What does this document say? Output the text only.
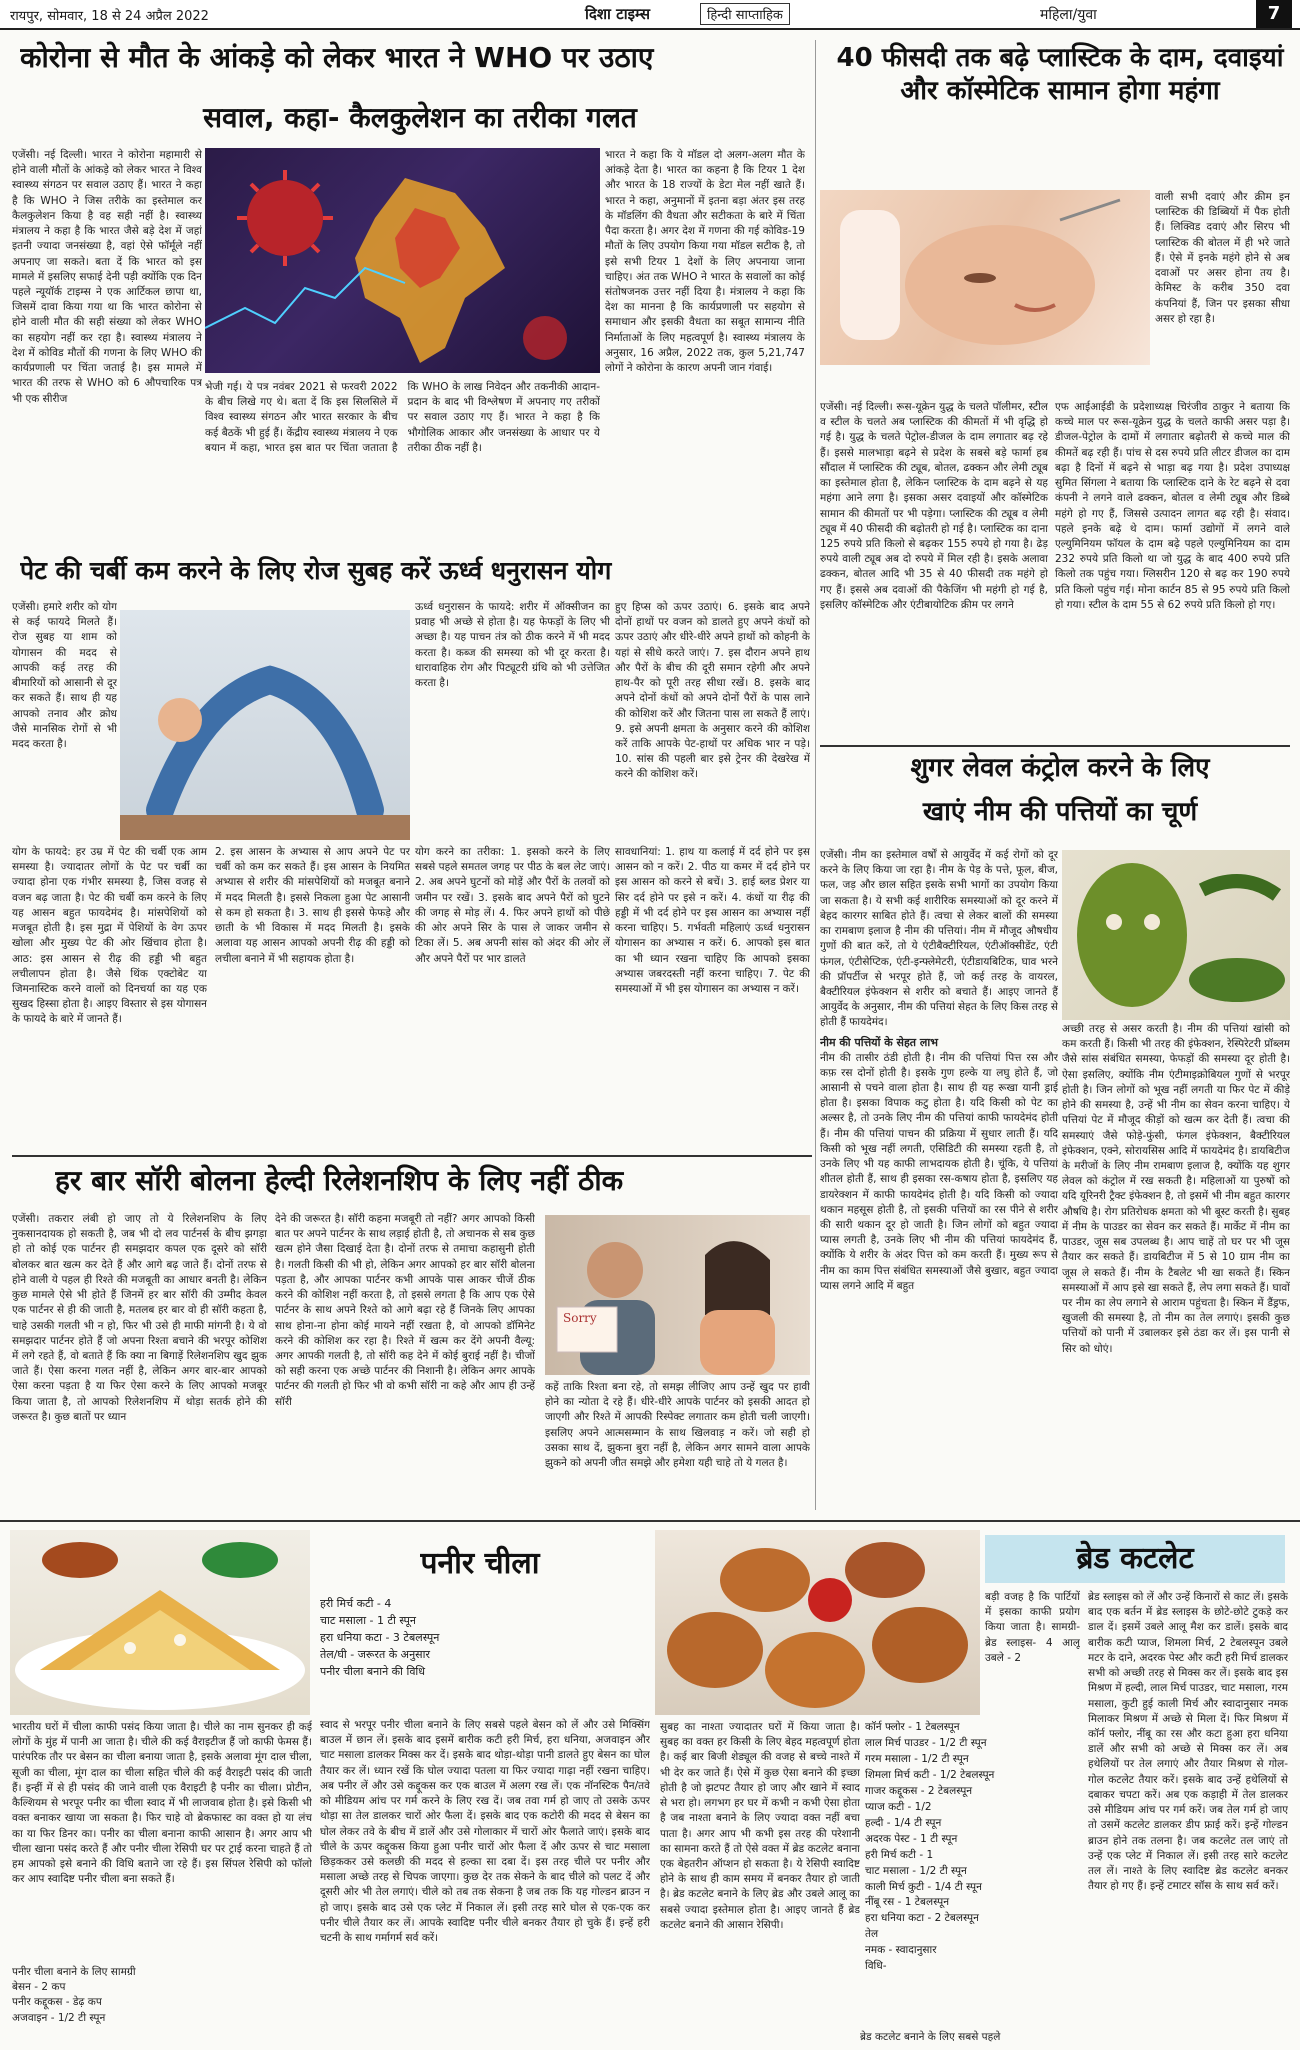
रायपुर, सोमवार, 18 से 24 अप्रैल 2022	दिशा टाइम्स	हिन्दी साप्ताहिक	महिला/युवा	7
कोरोना से मौत के आंकड़े को लेकर भारत ने WHO पर उठाए
सवाल, कहा- कैलकुलेशन का तरीका गलत
एजेंसी। नई दिल्ली। भारत ने कोरोना महामारी से होने वाली मौतों के आंकड़े को लेकर भारत ने विश्व स्वास्थ्य संगठन पर सवाल उठाए हैं। भारत ने कहा है कि WHO ने जिस तरीके का इस्तेमाल कर कैलकुलेशन किया है वह सही नहीं है। स्वास्थ्य मंत्रालय ने कहा है कि भारत जैसे बड़े देश में जहां इतनी ज्यादा जनसंख्या है, वहां ऐसे फॉर्मूले नहीं अपनाए जा सकते। बता दें कि भारत को इस मामले में इसलिए सफाई देनी पड़ी क्योंकि एक दिन पहले न्यूयॉर्क टाइम्स ने एक आर्टिकल छापा था, जिसमें दावा किया गया था कि भारत कोरोना से होने वाली मौत की सही संख्या को लेकर WHO का सहयोग नहीं कर रहा है। स्वास्थ्य मंत्रालय ने देश में कोविड मौतों की गणना के लिए WHO की कार्यप्रणाली पर चिंता जताई है। इस मामले में भारत की तरफ से WHO को 6 औपचारिक पत्र भी एक सीरीज
भारत ने कहा कि ये मॉडल दो अलग-अलग मौत के आंकड़े देता है। भारत का कहना है कि टियर 1 देश और भारत के 18 राज्यों के डेटा मेल नहीं खाते हैं। भारत ने कहा, अनुमानों में इतना बड़ा अंतर इस तरह के मॉडलिंग की वैधता और सटीकता के बारे में चिंता पैदा करता है। अगर देश में गणना की गई कोविड-19 मौतों के लिए उपयोग किया गया मॉडल सटीक है, तो इसे सभी टियर 1 देशों के लिए अपनाया जाना चाहिए। अंत तक WHO ने भारत के सवालों का कोई संतोषजनक उत्तर नहीं दिया है। मंत्रालय ने कहा कि देश का मानना है कि कार्यप्रणाली पर सहयोग से समाधान और इसकी वैधता का सबूत सामान्य नीति निर्माताओं के लिए महत्वपूर्ण है। स्वास्थ्य मंत्रालय के अनुसार, 16 अप्रैल, 2022 तक, कुल 5,21,747 लोगों ने कोरोना के कारण अपनी जान गंवाई।
भेजी गई। ये पत्र नवंबर 2021 से फरवरी 2022 के बीच लिखे गए थे। बता दें कि इस सिलसिले में विश्व स्वास्थ्य संगठन और भारत सरकार के बीच कई बैठकें भी हुई हैं। केंद्रीय स्वास्थ्य मंत्रालय ने एक बयान में कहा, भारत इस बात पर चिंता जताता है कि WHO के लाख निवेदन और तकनीकी आदान-प्रदान के बाद भी विश्लेषण में अपनाए गए तरीकों पर सवाल उठाए गए हैं। भारत ने कहा है कि भौगोलिक आकार और जनसंख्या के आधार पर ये तरीका ठीक नहीं है।
40 फीसदी तक बढ़े प्लास्टिक के दाम, दवाइयां और कॉस्मेटिक सामान होगा महंगा
वाली सभी दवाएं और क्रीम इन प्लास्टिक की डिब्बियों में पैक होती हैं। लिक्विड दवाएं और सिरप भी प्लास्टिक की बोतल में ही भरे जाते हैं। ऐसे में इनके महंगे होने से अब दवाओं पर असर होना तय है। केमिस्ट के करीब 350 दवा कंपनियां हैं, जिन पर इसका सीधा असर हो रहा है।
एजेंसी। नई दिल्ली। रूस-यूक्रेन युद्ध के चलते पॉलीमर, स्टील व स्टील के चलते अब प्लास्टिक की कीमतों में भी वृद्धि हो गई है। युद्ध के चलते पेट्रोल-डीजल के दाम लगातार बढ़ रहे हैं। इससे मालभाड़ा बढ़ने से प्रदेश के सबसे बड़े फार्मा हब सौंदाल में प्लास्टिक की ट्यूब, बोतल, ढक्कन और लेमी ट्यूब का इस्तेमाल होता है, लेकिन प्लास्टिक के दाम बढ़ने से यह महंगा आने लगा है। इसका असर दवाइयों और कॉस्मेटिक सामान की कीमतों पर भी पड़ेगा। प्लास्टिक की ट्यूब व लेमी ट्यूब में 40 फीसदी की बढ़ोतरी हो गई है। प्लास्टिक का दाना 125 रुपये प्रति किलो से बढ़कर 155 रुपये हो गया है। ढेड़ रुपये वाली ट्यूब अब दो रुपये में मिल रही है। इसके अलावा ढक्कन, बोतल आदि भी 35 से 40 फीसदी तक महंगे हो गए हैं। इससे अब दवाओं की पैकेजिंग भी महंगी हो गई है, इसलिए कॉस्मेटिक और एंटीबायोटिक क्रीम पर लगने
एफ आईआईडी के प्रदेशाध्यक्ष चिरंजीव ठाकुर ने बताया कि कच्चे माल पर रूस-यूक्रेन युद्ध के चलते काफी असर पड़ा है। डीजल-पेट्रोल के दामों में लगातार बढ़ोतरी से कच्चे माल की कीमतें बढ़ रही हैं। पांच से दस रुपये प्रति लीटर डीजल का दाम बढ़ा है दिनों में बढ़ने से भाड़ा बढ़ गया है। प्रदेश उपाध्यक्ष सुमित सिंगला ने बताया कि प्लास्टिक दाने के रेट बढ़ने से दवा कंपनी ने लगने वाले ढक्कन, बोतल व लेमी ट्यूब और डिब्बे महंगे हो गए हैं, जिससे उत्पादन लागत बढ़ रही है। संवाद। पहले इनके बढ़े थे दाम। फार्मा उद्योगों में लगने वाले एल्युमिनियम फॉयल के दाम बढ़े पहले एल्युमिनियम का दाम 232 रुपये प्रति किलो था जो युद्ध के बाद 400 रुपये प्रति किलो तक पहुंच गया। ग्लिसरीन 120 से बढ़ कर 190 रुपये प्रति किलो पहुंच गई। मोना कार्टन 85 से 95 रुपये प्रति किलो हो गया। स्टील के दाम 55 से 62 रुपये प्रति किलो हो गए।
पेट की चर्बी कम करने के लिए रोज सुबह करें ऊर्ध्व धनुरासन योग
एजेंसी। हमारे शरीर को योग से कई फायदे मिलते हैं। रोज सुबह या शाम को योगासन की मदद से आपकी कई तरह की बीमारियों को आसानी से दूर कर सकते हैं। साथ ही यह आपको तनाव और क्रोध जैसे मानसिक रोगों से भी मदद करता है।
ऊर्ध्व धनुरासन के फायदे: शरीर में ऑक्सीजन का प्रवाह भी अच्छे से होता है। यह फेफड़ों के लिए भी अच्छा है। यह पाचन तंत्र को ठीक करने में भी मदद करता है। कब्ज की समस्या को भी दूर करता है। धारावाहिक रोग और पिट्यूटरी ग्रंथि को भी उत्तेजित करता है।
हुए हिप्स को ऊपर उठाएं। 6. इसके बाद अपने दोनों हाथों पर वजन को डालते हुए अपने कंधों को ऊपर उठाएं और धीरे-धीरे अपने हाथों को कोहनी के यहां से सीधे करते जाएं। 7. इस दौरान अपने हाथ और पैरों के बीच की दूरी समान रहेगी और अपने हाथ-पैर को पूरी तरह सीधा रखें। 8. इसके बाद अपने दोनों कंधों को अपने दोनों पैरों के पास लाने की कोशिश करें और जितना पास ला सकते हैं लाएं। 9. इसे अपनी क्षमता के अनुसार करने की कोशिश करें ताकि आपके पेट-हाथों पर अधिक भार न पड़े। 10. सांस की पहली बार इसे ट्रेनर की देखरेख में करने की कोशिश करें।
योग के फायदे: हर उम्र में पेट की चर्बी एक आम समस्या है। ज्यादातर लोगों के पेट पर चर्बी का ज्यादा होना एक गंभीर समस्या है, जिस वजह से वजन बढ़ जाता है। पेट की चर्बी कम करने के लिए यह आसन बहुत फायदेमंद है। मांसपेशियों को मजबूत होती है। इस मुद्रा में पेशियों के वेग ऊपर खोला और मुख्य पेट की ओर खिंचाव होता है। आठ: इस आसन से रीढ़ की हड्डी भी बहुत लचीलापन होता है। जैसे थिंक एक्टोबेट या जिमनास्टिक करने वालों को दिनचर्या का यह एक सुखद हिस्सा होता है। आइए विस्तार से इस योगासन के फायदे के बारे में जानते हैं।
2. इस आसन के अभ्यास से आप अपने पेट पर चर्बी को कम कर सकते हैं। इस आसन के नियमित अभ्यास से शरीर की मांसपेशियों को मजबूत बनाने में मदद मिलती है। इससे निकला हुआ पेट आसानी से कम हो सकता है। 3. साथ ही इससे फेफड़े और छाती के भी विकास में मदद मिलती है। इसके अलावा यह आसन आपको अपनी रीढ़ की हड्डी को लचीला बनाने में भी सहायक होता है।
योग करने का तरीका: 1. इसको करने के लिए सबसे पहले समतल जगह पर पीठ के बल लेट जाएं। 2. अब अपने घुटनों को मोड़ें और पैरों के तलवों को जमीन पर रखें। 3. इसके बाद अपने पैरों को घुटने की जगह से मोड़ लें। 4. फिर अपने हाथों को पीछे की ओर अपने सिर के पास ले जाकर जमीन से टिका लें। 5. अब अपनी सांस को अंदर की ओर लें और अपने पैरों पर भार डालते
सावधानियां: 1. हाथ या कलाई में दर्द होने पर इस आसन को न करें। 2. पीठ या कमर में दर्द होने पर इस आसन को करने से बचें। 3. हाई ब्लड प्रेशर या सिर दर्द होने पर इसे न करें। 4. कंधों या रीढ़ की हड्डी में भी दर्द होने पर इस आसन का अभ्यास नहीं करना चाहिए। 5. गर्भवती महिलाएं ऊर्ध्व धनुरासन योगासन का अभ्यास न करें। 6. आपको इस बात का भी ध्यान रखना चाहिए कि आपको इसका अभ्यास जबरदस्ती नहीं करना चाहिए। 7. पेट की समस्याओं में भी इस योगासन का अभ्यास न करें।
शुगर लेवल कंट्रोल करने के लिए
खाएं नीम की पत्तियों का चूर्ण
एजेंसी। नीम का इस्तेमाल वर्षों से आयुर्वेद में कई रोगों को दूर करने के लिए किया जा रहा है। नीम के पेड़ के पत्ते, फूल, बीज, फल, जड़ और छाल सहित इसके सभी भागों का उपयोग किया जा सकता है। ये सभी कई शारीरिक समस्याओं को दूर करने में बेहद कारगर साबित होते हैं। त्वचा से लेकर बालों की समस्या का रामबाण इलाज है नीम की पत्तियां। नीम में मौजूद औषधीय गुणों की बात करें, तो ये एंटीबैक्टीरियल, एंटीऑक्सीडेंट, एंटी फंगल, एंटीसेप्टिक, एंटी-इन्फ्लेमेटरी, एंटीडायबिटिक, घाव भरने की प्रॉपर्टीज से भरपूर होते हैं, जो कई तरह के वायरल, बैक्टीरियल इंफेक्शन से शरीर को बचाते हैं। आइए जानते हैं आयुर्वेद के अनुसार, नीम की पत्तियां सेहत के लिए किस तरह से होती हैं फायदेमंद।
नीम की पत्तियों के सेहत लाभ
नीम की तासीर ठंडी होती है। नीम की पत्तियां पित्त रस और कफ़ रस दोनों होती है। इसके गुण हल्के या लघु होते हैं, जो आसानी से पचने वाला होता है। साथ ही यह रूखा यानी ड्राई होता है। इसका विपाक कटु होता है। यदि किसी को पेट का अल्सर है, तो उनके लिए नीम की पत्तियां काफी फायदेमंद होती हैं। नीम की पत्तियां पाचन की प्रक्रिया में सुधार लाती हैं। यदि किसी को भूख नहीं लगती, एसिडिटी की समस्या रहती है, तो उनके लिए भी यह काफी लाभदायक होती है। चूंकि, ये पत्तियां शीतल होती हैं, साथ ही इसका रस-कषाय होता है, इसलिए यह डायरेक्शन में काफी फायदेमंद होती है। यदि किसी को ज्यादा थकान महसूस होती है, तो इसकी पत्तियों का रस पीने से शरीर की सारी थकान दूर हो जाती है। जिन लोगों को बहुत ज्यादा प्यास लगती है, उनके लिए भी नीम की पत्तियां फायदेमंद हैं, क्योंकि ये शरीर के अंदर पित्त को कम करती हैं। मुख्य रूप से नीम का काम पित्त संबंधित समस्याओं जैसे बुखार, बहुत ज्यादा प्यास लगने आदि में बहुत
अच्छी तरह से असर करती है। नीम की पत्तियां खांसी को कम करती हैं। किसी भी तरह की इंफेक्शन, रेस्पिरेटरी प्रॉब्लम जैसे सांस संबंधित समस्या, फेफड़ों की समस्या दूर होती है। ऐसा इसलिए, क्योंकि नीम एंटीमाइक्रोबियल गुणों से भरपूर होती है। जिन लोगों को भूख नहीं लगती या फिर पेट में कीड़े होने की समस्या है, उन्हें भी नीम का सेवन करना चाहिए। ये पत्तियां पेट में मौजूद कीड़ों को खत्म कर देती हैं। त्वचा की समस्याएं जैसे फोड़े-फुंसी, फंगल इंफेक्शन, बैक्टीरियल इंफेक्शन, एक्ने, सोरायसिस आदि में फायदेमंद है। डायबिटीज के मरीजों के लिए नीम रामबाण इलाज है, क्योंकि यह शुगर लेवल को कंट्रोल में रख सकती है। महिलाओं या पुरुषों को यदि यूरिनरी ट्रैक्ट इंफेक्शन है, तो इसमें भी नीम बहुत कारगर औषधि है। रोग प्रतिरोधक क्षमता को भी बूस्ट करती है। सुबह में नीम के पाउडर का सेवन कर सकते हैं। मार्केट में नीम का पाउडर, जूस सब उपलब्ध है। आप चाहें तो घर पर भी जूस तैयार कर सकते हैं। डायबिटीज में 5 से 10 ग्राम नीम का जूस ले सकते हैं। नीम के टैबलेट भी खा सकते हैं। स्किन समस्याओं में आप इसे खा सकते हैं, लेप लगा सकते हैं। घावों पर नीम का लेप लगाने से आराम पहुंचता है। स्किन में डैंड्रफ, खुजली की समस्या है, तो नीम का तेल लगाएं। इसकी कुछ पत्तियों को पानी में उबालकर इसे ठंडा कर लें। इस पानी से सिर को धोएं।
हर बार सॉरी बोलना हेल्दी रिलेशनशिप के लिए नहीं ठीक
एजेंसी। तकरार लंबी हो जाए तो ये रिलेशनशिप के लिए नुकसानदायक हो सकती है, जब भी दो लव पार्टनर्स के बीच झगड़ा हो तो कोई एक पार्टनर ही समझदार कपल एक दूसरे को सॉरी बोलकर बात खत्म कर देते हैं और आगे बढ़ जाते हैं। दोनों तरफ से होने वाली ये पहल ही रिश्ते की मजबूती का आधार बनती है। लेकिन कुछ मामले ऐसे भी होते हैं जिनमें हर बार सॉरी की उम्मीद केवल एक पार्टनर से ही की जाती है, मतलब हर बार वो ही सॉरी कहता है, चाहे उसकी गलती भी न हो, फिर भी उसे ही माफी मांगनी है। ये वो समझदार पार्टनर होते हैं जो अपना रिश्ता बचाने की भरपूर कोशिश में लगे रहते हैं, वो बताते हैं कि क्या ना बिगाड़ें रिलेशनशिप खुद झुक जाते हैं। ऐसा करना गलत नहीं है, लेकिन अगर बार-बार आपको ऐसा करना पड़ता है या फिर ऐसा करने के लिए आपको मजबूर किया जाता है, तो आपको रिलेशनशिप में थोड़ा सतर्क होने की जरूरत है। कुछ बातों पर ध्यान
देने की जरूरत है। सॉरी कहना मजबूरी तो नहीं? अगर आपको किसी बात पर अपने पार्टनर के साथ लड़ाई होती है, तो अचानक से सब कुछ खत्म होने जैसा दिखाई देता है। दोनों तरफ से तमाचा कहासुनी होती है। गलती किसी की भी हो, लेकिन अगर आपको हर बार सॉरी बोलना पड़ता है, और आपका पार्टनर कभी आपके पास आकर चीजें ठीक करने की कोशिश नहीं करता है, तो इससे लगता है कि आप एक ऐसे पार्टनर के साथ अपने रिश्ते को आगे बढ़ा रहे हैं जिनके लिए आपका साथ होना-ना होना कोई मायने नहीं रखता है, वो आपको डॉमिनेट करने की कोशिश कर रहा है। रिश्ते में खत्म कर देंगे अपनी वैल्यू: अगर आपकी गलती है, तो सॉरी कह देने में कोई बुराई नहीं है। चीजों को सही करना एक अच्छे पार्टनर की निशानी है। लेकिन अगर आपके पार्टनर की गलती हो फिर भी वो कभी सॉरी ना कहे और आप ही उन्हें सॉरी
Sorry
कहें ताकि रिश्ता बना रहे, तो समझ लीजिए आप उन्हें खुद पर हावी होने का न्योता दे रहे हैं। धीरे-धीरे आपके पार्टनर को इसकी आदत हो जाएगी और रिश्ते में आपकी रिस्पेक्ट लगातार कम होती चली जाएगी। इसलिए अपने आत्मसम्मान के साथ खिलवाड़ न करें। जो सही हो उसका साथ दें, झुकना बुरा नहीं है, लेकिन अगर सामने वाला आपके झुकने को अपनी जीत समझे और हमेशा यही चाहे तो ये गलत है।
पनीर चीला
हरी मिर्च कटी - 4
चाट मसाला - 1 टी स्पून
हरा धनिया कटा - 3 टेबलस्पून
तेल/घी - जरूरत के अनुसार
पनीर चीला बनाने की विधि
स्वाद से भरपूर पनीर चीला बनाने के लिए सबसे पहले बेसन को लें और उसे मिक्सिंग बाउल में छान लें। इसके बाद इसमें बारीक कटी हरी मिर्च, हरा धनिया, अजवाइन और चाट मसाला डालकर मिक्स कर दें। इसके बाद थोड़ा-थोड़ा पानी डालते हुए बेसन का घोल तैयार कर लें। ध्यान रखें कि घोल ज्यादा पतला या फिर ज्यादा गाढ़ा नहीं रखना चाहिए। अब पनीर लें और उसे कद्दूकस कर एक बाउल में अलग रख लें। एक नॉनस्टिक पैन/तवे को मीडियम आंच पर गर्म करने के लिए रख दें। जब तवा गर्म हो जाए तो उसके ऊपर थोड़ा सा तेल डालकर चारों ओर फैला दें। इसके बाद एक कटोरी की मदद से बेसन का घोल लेकर तवे के बीच में डालें और उसे गोलाकार में चारों ओर फैलाते जाएं। इसके बाद चीले के ऊपर कद्दूकस किया हुआ पनीर चारों ओर फैला दें और ऊपर से चाट मसाला छिड़ककर उसे कलछी की मदद से हल्का सा दबा दें। इस तरह चीले पर पनीर और मसाला अच्छे तरह से चिपक जाएगा। कुछ देर तक सेकने के बाद चीले को पलट दें और दूसरी ओर भी तेल लगाएं। चीले को तब तक सेकना है जब तक कि यह गोल्डन ब्राउन न हो जाए। इसके बाद उसे एक प्लेट में निकाल लें। इसी तरह सारे घोल से एक-एक कर पनीर चीले तैयार कर लें। आपके स्वादिष्ट पनीर चीले बनकर तैयार हो चुके हैं। इन्हें हरी चटनी के साथ गर्मागर्म सर्व करें।
भारतीय घरों में चीला काफी पसंद किया जाता है। चीले का नाम सुनकर ही कई लोगों के मुंह में पानी आ जाता है। चीले की कई वैराइटीज हैं जो काफी फेमस हैं। पारंपरिक तौर पर बेसन का चीला बनाया जाता है, इसके अलावा मूंग दाल चीला, सूजी का चीला, मूंग दाल का चीला सहित चीले की कई वैराइटी पसंद की जाती हैं। इन्हीं में से ही पसंद की जाने वाली एक वैराइटी है पनीर का चीला। प्रोटीन, कैल्शियम से भरपूर पनीर का चीला स्वाद में भी लाजवाब होता है। इसे किसी भी वक्त बनाकर खाया जा सकता है। फिर चाहे वो ब्रेकफास्ट का वक्त हो या लंच का या फिर डिनर का। पनीर का चीला बनाना काफी आसान है। अगर आप भी चीला खाना पसंद करते हैं और पनीर चीला रेसिपी घर पर ट्राई करना चाहते हैं तो हम आपको इसे बनाने की विधि बताने जा रहे हैं। इस सिंपल रेसिपी को फॉलो कर आप स्वादिष्ट पनीर चीला बना सकते हैं।
पनीर चीला बनाने के लिए सामग्री
बेसन - 2 कप
पनीर कद्दूकस - डेढ़ कप
अजवाइन - 1/2 टी स्पून
ब्रेड कटलेट
बड़ी वजह है कि पार्टियों में इसका काफी प्रयोग किया जाता है। सामग्री- ब्रेड स्लाइस- 4 आलू उबले - 2
ब्रेड स्लाइस को लें और उन्हें किनारों से काट लें। इसके बाद एक बर्तन में ब्रेड स्लाइस के छोटे-छोटे टुकड़े कर डाल दें। इसमें उबले आलू मैश कर डालें। इसके बाद बारीक कटी प्याज, शिमला मिर्च, 2 टेबलस्पून उबले मटर के दाने, अदरक पेस्ट और कटी हरी मिर्च डालकर सभी को अच्छी तरह से मिक्स कर लें। इसके बाद इस मिश्रण में हल्दी, लाल मिर्च पाउडर, चाट मसाला, गरम मसाला, कुटी हुई काली मिर्च और स्वादानुसार नमक मिलाकर मिश्रण में अच्छे से मिला दें। फिर मिश्रण में कॉर्न फ्लोर, नींबू का रस और कटा हुआ हरा धनिया डालें और सभी को अच्छे से मिक्स कर लें। अब हथेलियों पर तेल लगाएं और तैयार मिश्रण से गोल-गोल कटलेट तैयार करें। इसके बाद उन्हें हथेलियों से दबाकर चपटा करें। अब एक कड़ाही में तेल डालकर उसे मीडियम आंच पर गर्म करें। जब तेल गर्म हो जाए तो उसमें कटलेट डालकर डीप फ्राई करें। इन्हें गोल्डन ब्राउन होने तक तलना है। जब कटलेट तल जाएं तो उन्हें एक प्लेट में निकाल लें। इसी तरह सारे कटलेट तल लें। नाश्ते के लिए स्वादिष्ट ब्रेड कटलेट बनकर तैयार हो गए हैं। इन्हें टमाटर सॉस के साथ सर्व करें।
सुबह का नाश्ता ज्यादातर घरों में किया जाता है। सुबह का वक्त हर किसी के लिए बेहद महत्वपूर्ण होता है। कई बार बिजी शेड्यूल की वजह से बच्चे नाश्ते में भी देर कर जाते हैं। ऐसे में कुछ ऐसा बनाने की इच्छा होती है जो झटपट तैयार हो जाए और खाने में स्वाद से भरा हो। लगभग हर घर में कभी न कभी ऐसा होता है जब नाश्ता बनाने के लिए ज्यादा वक्त नहीं बचा पाता है। अगर आप भी कभी इस तरह की परेशानी का सामना करते हैं तो ऐसे वक्त में ब्रेड कटलेट बनाना एक बेहतरीन ऑप्शन हो सकता है। ये रेसिपी स्वादिष्ट होने के साथ ही काम समय में बनकर तैयार हो जाती है। ब्रेड कटलेट बनाने के लिए ब्रेड और उबले आलू का सबसे ज्यादा इस्तेमाल होता है। आइए जानते हैं ब्रेड कटलेट बनाने की आसान रेसिपी।
कॉर्न फ्लोर - 1 टेबलस्पून
लाल मिर्च पाउडर - 1/2 टी स्पून
गरम मसाला - 1/2 टी स्पून
शिमला मिर्च कटी - 1/2 टेबलस्पून
गाजर कद्दूकस - 2 टेबलस्पून
प्याज कटी - 1/2
हल्दी - 1/4 टी स्पून
अदरक पेस्ट - 1 टी स्पून
हरी मिर्च कटी - 1
चाट मसाला - 1/2 टी स्पून
काली मिर्च कुटी - 1/4 टी स्पून
नींबू रस - 1 टेबलस्पून
हरा धनिया कटा - 2 टेबलस्पून
तेल
नमक - स्वादानुसार
विधि-
ब्रेड कटलेट बनाने के लिए सबसे पहले
